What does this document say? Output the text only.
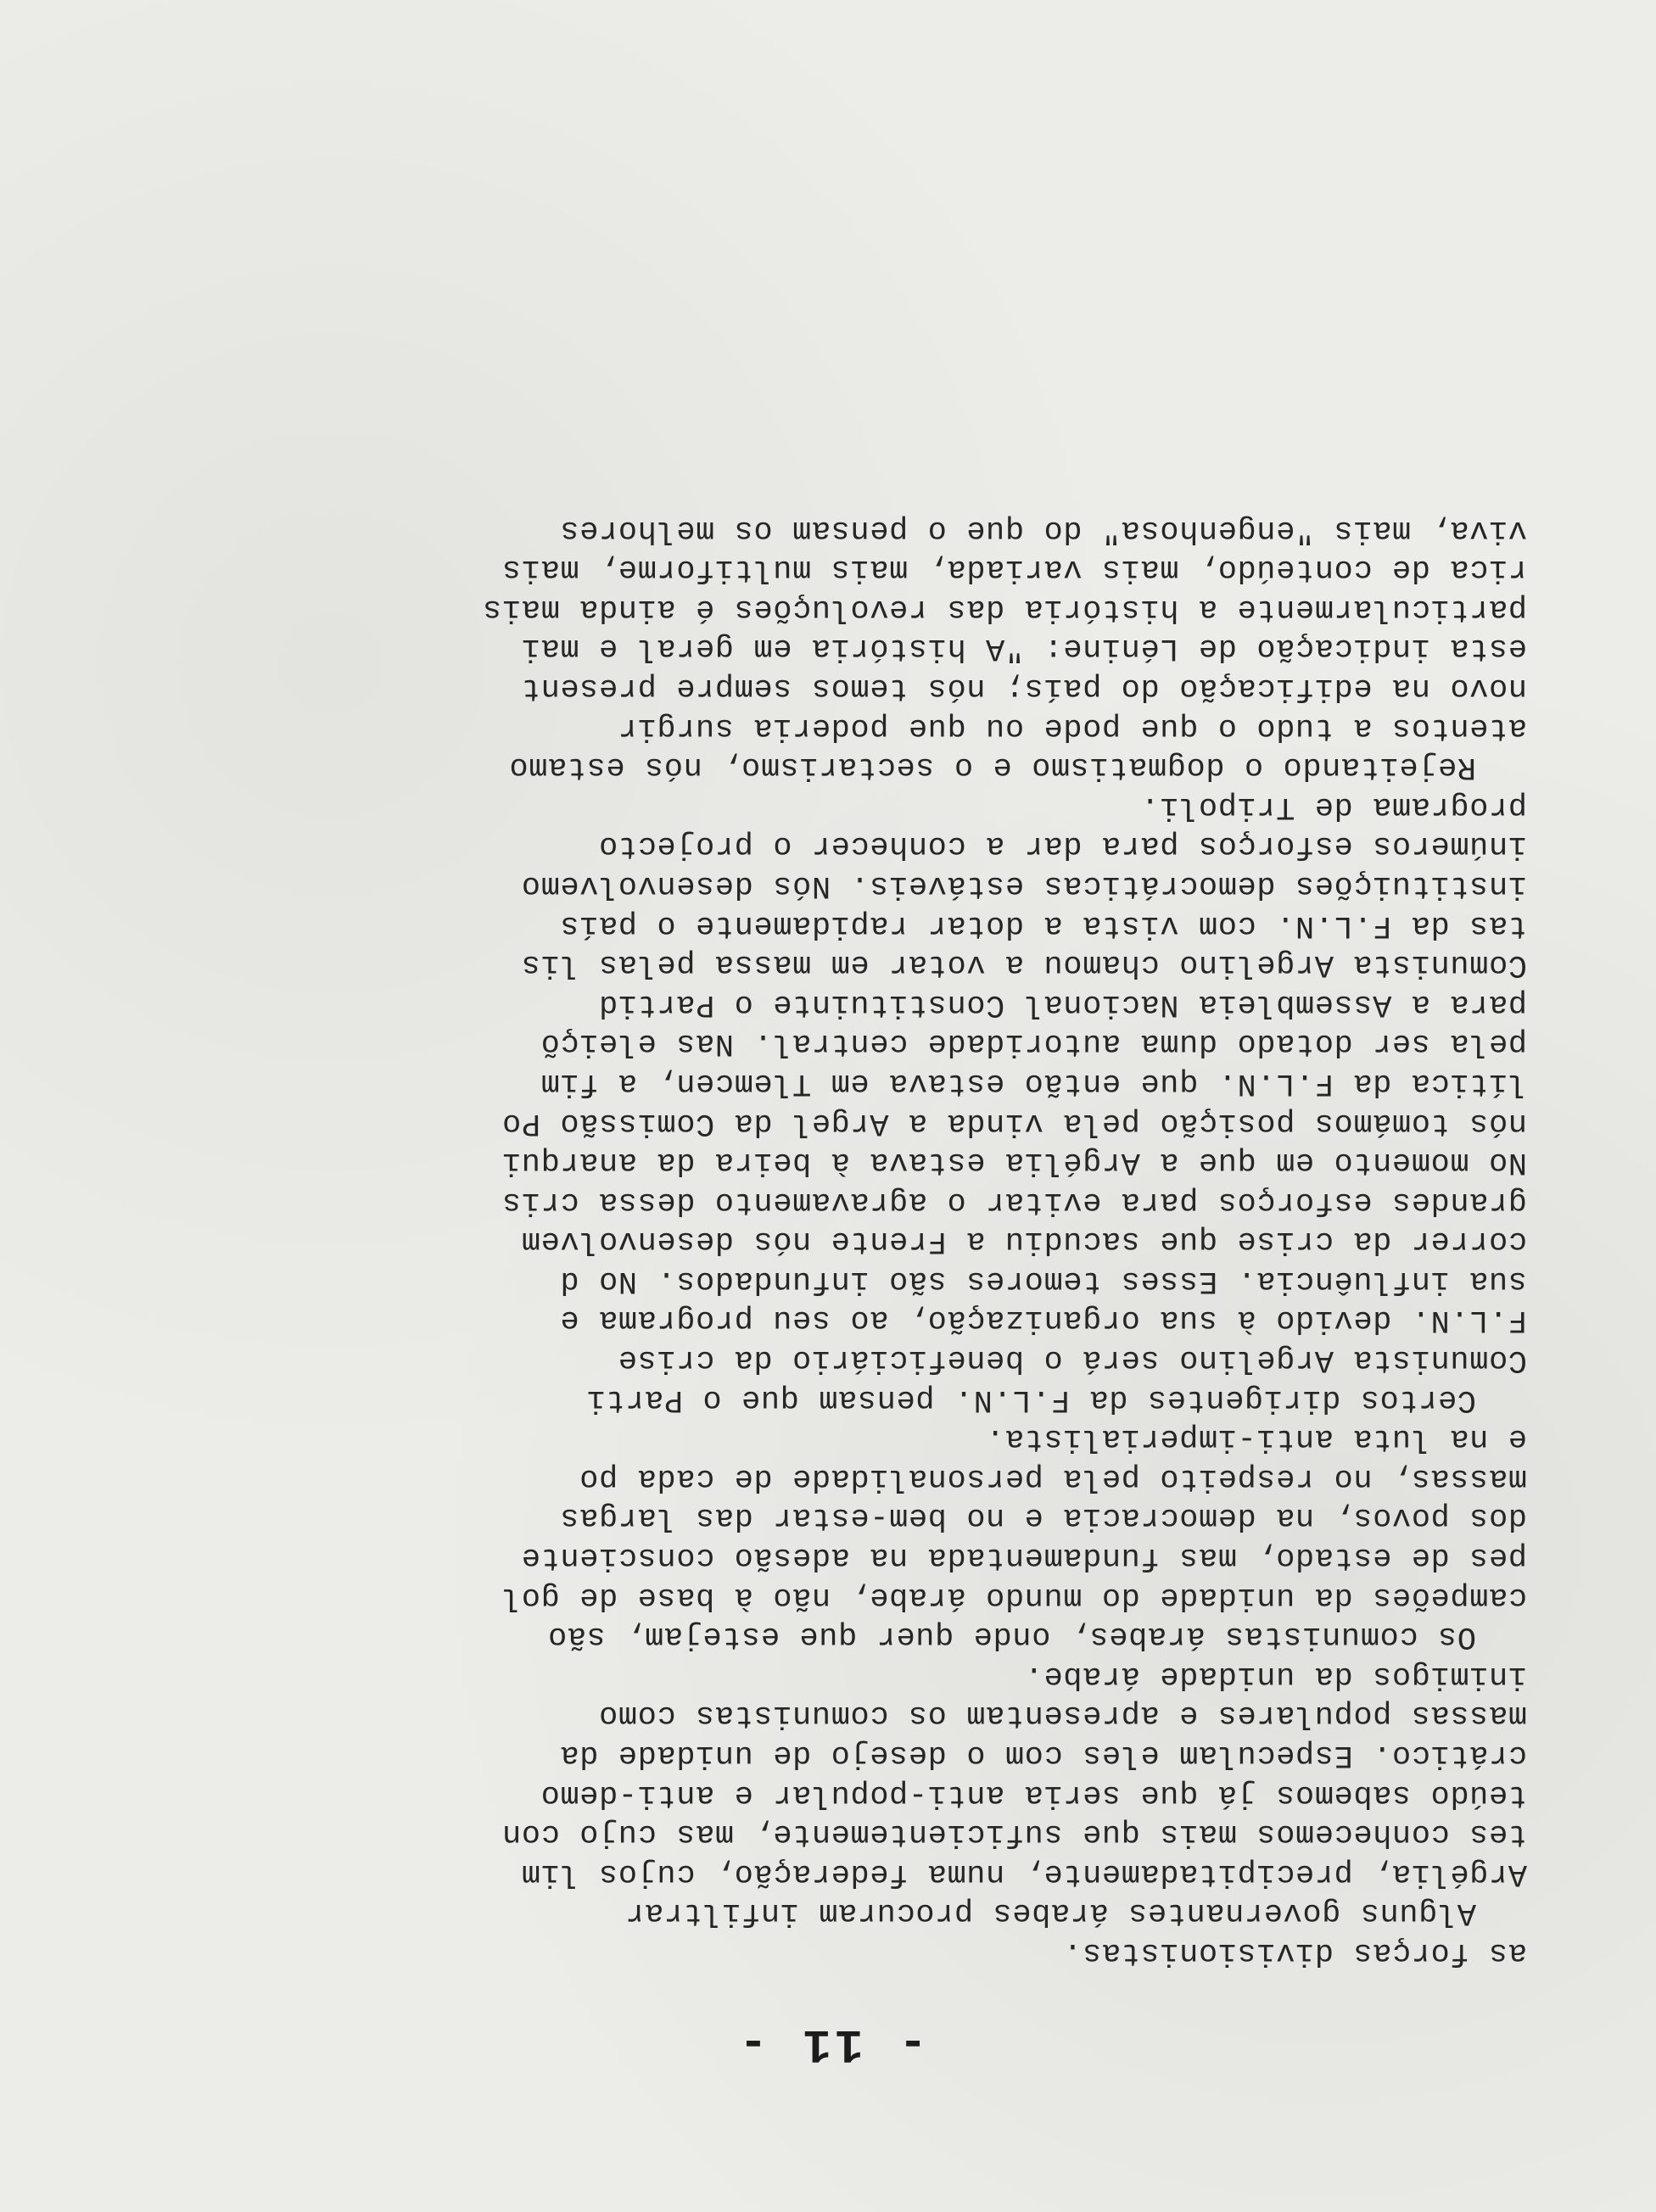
- 11 -
as forças divisionistas.
Alguns governantes árabes procuram infiltrar
Argélia, precipitadamente, numa federação, cujos lim
tes conhecemos mais que suficientemente, mas cujo con
teúdo sabemos já que seria anti-popular e anti-demo
crático. Especulam eles com o desejo de unidade da
massas populares e apresentam os comunistas como
inimigos da unidade árabe.
Os comunistas árabes, onde quer que estejam, são
campeões da unidade do mundo árabe, não à base de gol
pes de estado, mas fundamentada na adesão consciente
dos povos, na democracia e no bem-estar das largas
massas, no respeito pela personalidade de cada po
e na luta anti-imperialista.
Certos dirigentes da F.L.N. pensam que o Parti
Comunista Argelino será o beneficiário da crise
F.L.N. devido à sua organização, ao seu programa e
sua influência. Esses temores são infundados. No d
correr da crise que sacudiu a Frente nós desenvolvem
grandes esforços para evitar o agravamento dessa cris
No momento em que a Argélia estava à beira da anarqui
nós tomámos posição pela vinda a Argel da Comissão Po
lítica da F.L.N. que então estava em Tlemcen, a fim
pela ser dotado duma autoridade central. Nas eleiçõ
para a Assembleia Nacional Constituinte o Partid
Comunista Argelino chamou a votar em massa pelas lis
tas da F.L.N. com vista a dotar rapidamente o país
instituições democráticas estáveis. Nós desenvolvemo
inúmeros esforços para dar a conhecer o projecto
programa de Tripoli.
Rejeitando o dogmatismo e o sectarismo, nós estamo
atentos a tudo o que pode ou que poderia surgir
novo na edificação do país; nós temos sempre present
esta indicação de Lénine: "A história em geral e mai
particularmente a história das revoluções é ainda mais
rica de conteúdo, mais variada, mais multiforme, mais
viva, mais "engenhosa" do que o pensam os melhores
